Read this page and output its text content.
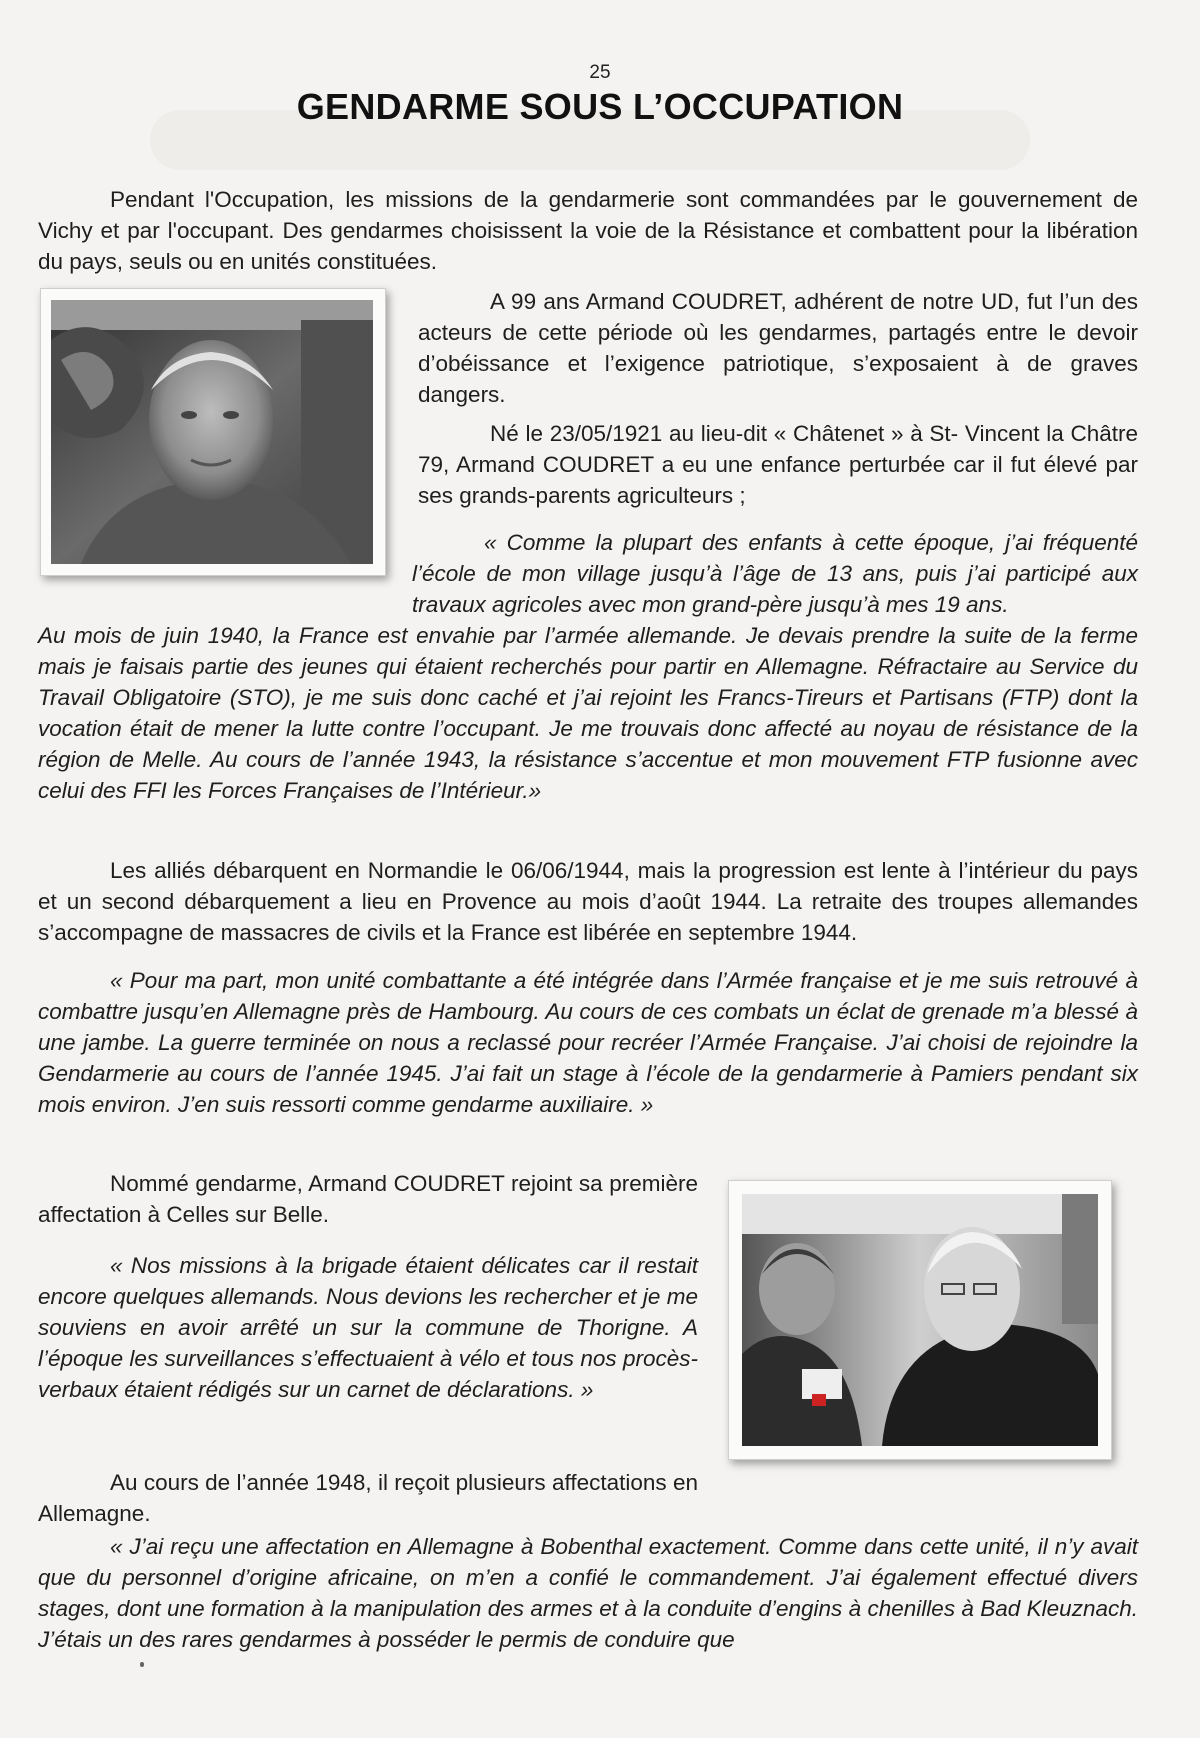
25
GENDARME SOUS L’OCCUPATION

Pendant l'Occupation, les missions de la gendarmerie sont commandées par le gouvernement de Vichy et par l'occupant. Des gendarmes choisissent la voie de la Résistance et combattent pour la libération du pays, seuls ou en unités constituées.

A 99 ans Armand COUDRET, adhérent de notre UD, fut l’un des acteurs de cette période où les gendarmes, partagés entre le devoir d’obéissance et l’exigence patriotique, s’exposaient à de graves dangers.

Né le 23/05/1921 au lieu-dit « Châtenet » à St- Vincent la Châtre 79, Armand COUDRET a eu une enfance perturbée car il fut élevé par ses grands-parents agriculteurs ;

« Comme la plupart des enfants à cette époque, j’ai fréquenté l’école de mon village jusqu’à l’âge de 13 ans, puis j’ai participé aux travaux agricoles avec mon grand-père jusqu’à mes 19 ans.

Au mois de juin 1940, la France est envahie par l’armée allemande. Je devais prendre la suite de la ferme mais je faisais partie des jeunes qui étaient recherchés pour partir en Allemagne. Réfractaire au Service du Travail Obligatoire (STO), je me suis donc caché et j’ai rejoint les Francs-Tireurs et Partisans (FTP) dont la vocation était de mener la lutte contre l’occupant. Je me trouvais donc affecté au noyau de résistance de la région de Melle. Au cours de l’année 1943, la résistance s’accentue et mon mouvement FTP fusionne avec celui des FFI les Forces Françaises de l’Intérieur.»

Les alliés débarquent en Normandie le 06/06/1944, mais la progression est lente à l’intérieur du pays et un second débarquement a lieu en Provence au mois d’août 1944. La retraite des troupes allemandes s’accompagne de massacres de civils et la France est libérée en septembre 1944.

« Pour ma part, mon unité combattante a été intégrée dans l’Armée française et je me suis retrouvé à combattre jusqu’en Allemagne près de Hambourg. Au cours de ces combats un éclat de grenade m’a blessé à une jambe. La guerre terminée on nous a reclassé pour recréer l’Armée Française. J’ai choisi de rejoindre la Gendarmerie au cours de l’année 1945. J’ai fait un stage à l’école de la gendarmerie à Pamiers pendant six mois environ. J’en suis ressorti comme gendarme auxiliaire. »

Nommé gendarme, Armand COUDRET rejoint sa première affectation à Celles sur Belle.

« Nos missions à la brigade étaient délicates car il restait encore quelques allemands. Nous devions les rechercher et je me souviens en avoir arrêté un sur la commune de Thorigne. A l’époque les surveillances s’effectuaient à vélo et tous nos procès-verbaux étaient rédigés sur un carnet de déclarations. »

Au cours de l’année 1948, il reçoit plusieurs affectations en Allemagne.

« J’ai reçu une affectation en Allemagne à Bobenthal exactement. Comme dans cette unité, il n’y avait que du personnel d’origine africaine, on m’en a confié le commandement. J’ai également effectué divers stages, dont une formation à la manipulation des armes et à la conduite d’engins à chenilles à Bad Kleuznach. J’étais un des rares gendarmes à posséder le permis de conduire que
